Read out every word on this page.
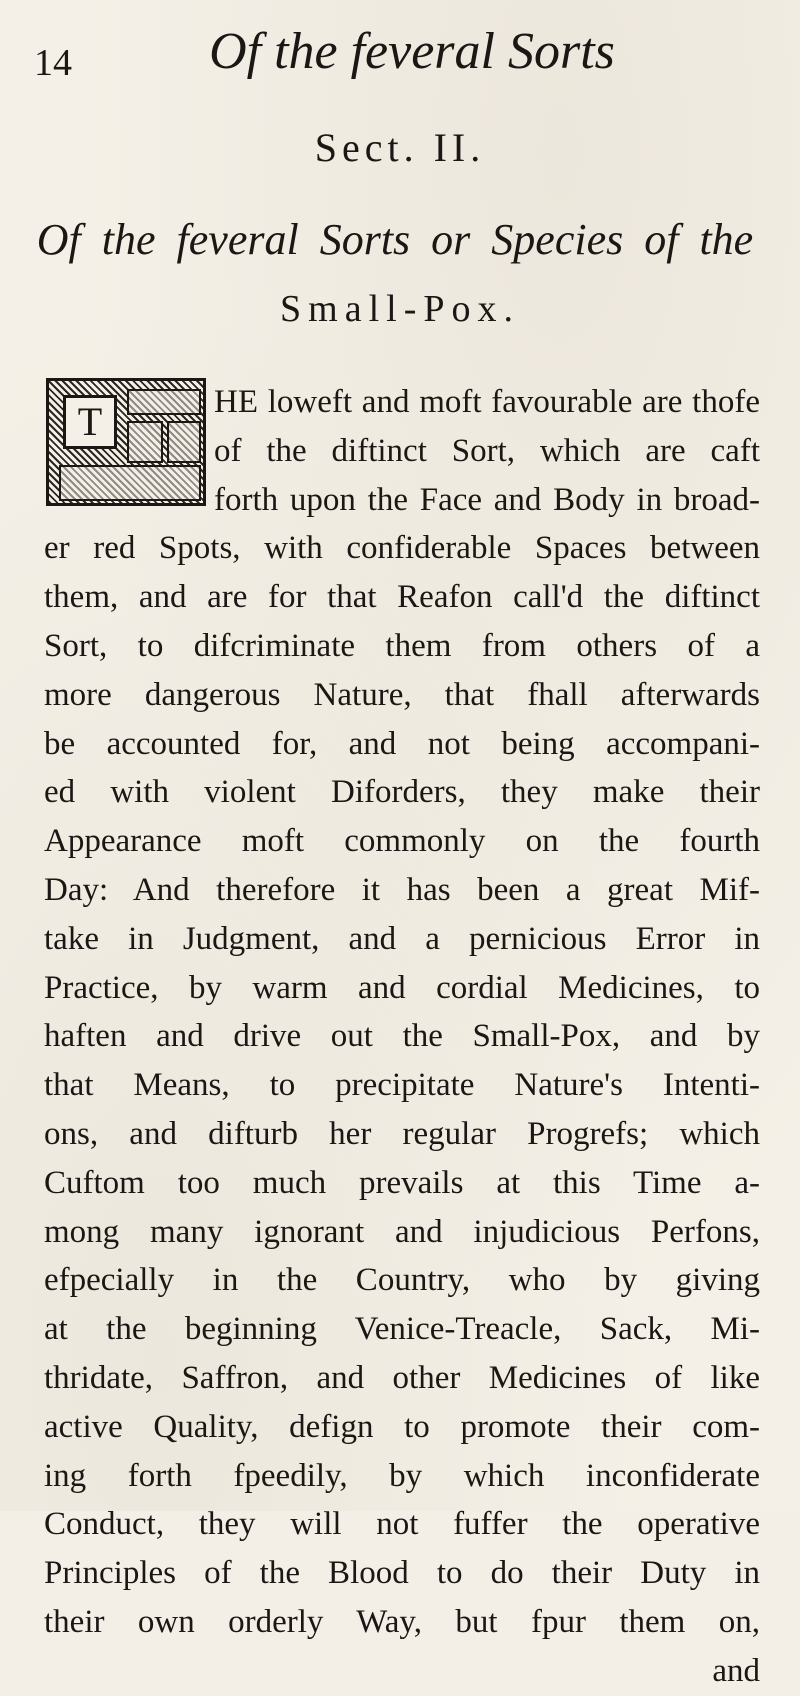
14	Of the feveral Sorts
Sect. II.
Of the feveral Sorts or Species of the
Small-Pox.
T	HE loweft and moft favourable are thofe
of the diftinct Sort, which are caft
forth upon the Face and Body in broad-
er red Spots, with confiderable Spaces between
them, and are for that Reafon call'd the diftinct
Sort, to difcriminate them from others of a
more dangerous Nature, that fhall afterwards
be accounted for, and not being accompani-
ed with violent Diforders, they make their
Appearance moft commonly on the fourth
Day: And therefore it has been a great Mif-
take in Judgment, and a pernicious Error in
Practice, by warm and cordial Medicines, to
haften and drive out the Small-Pox, and by
that Means, to precipitate Nature's Intenti-
ons, and difturb her regular Progrefs; which
Cuftom too much prevails at this Time a-
mong many ignorant and injudicious Perfons,
efpecially in the Country, who by giving
at the beginning Venice-Treacle, Sack, Mi-
thridate, Saffron, and other Medicines of like
active Quality, defign to promote their com-
ing forth fpeedily, by which inconfiderate
Conduct, they will not fuffer the operative
Principles of the Blood to do their Duty in
their own orderly Way, but fpur them on,
and
